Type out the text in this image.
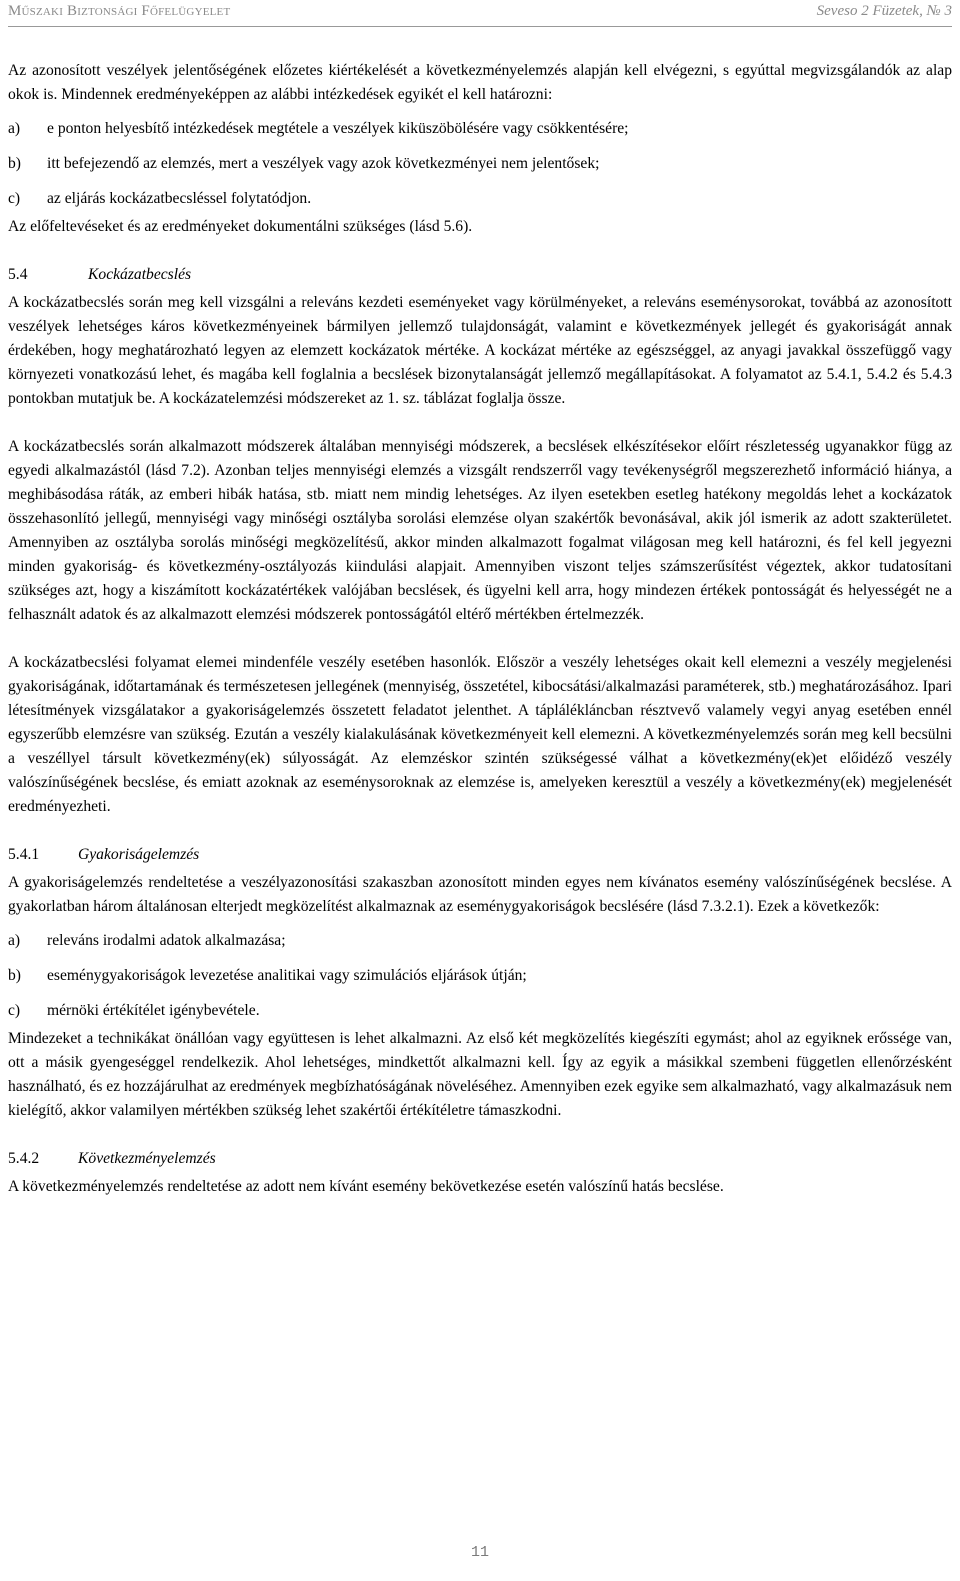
Műszaki Biztonsági Főfelügyelet	Seveso 2 Füzetek, № 3

Az azonosított veszélyek jelentőségének előzetes kiértékelését a következményelemzés alapján kell elvégezni, s egyúttal megvizsgálandók az alap okok is. Mindennek eredményeképpen az alábbi intézkedések egyikét el kell határozni:

a)	e ponton helyesbítő intézkedések megtétele a veszélyek kiküszöbölésére vagy csökkentésére;
b)	itt befejezendő az elemzés, mert a veszélyek vagy azok következményei nem jelentősek;
c)	az eljárás kockázatbecsléssel folytatódjon.

Az előfeltevéseket és az eredményeket dokumentálni szükséges (lásd 5.6).

5.4	Kockázatbecslés

A kockázatbecslés során meg kell vizsgálni a releváns kezdeti eseményeket vagy körülményeket, a releváns eseménysorokat, továbbá az azonosított veszélyek lehetséges káros következményeinek bármilyen jellemző tulajdonságát, valamint e következmények jellegét és gyakoriságát annak érdekében, hogy meghatározható legyen az elemzett kockázatok mértéke. A kockázat mértéke az egészséggel, az anyagi javakkal összefüggő vagy környezeti vonatkozású lehet, és magába kell foglalnia a becslések bizonytalanságát jellemző megállapításokat. A folyamatot az 5.4.1, 5.4.2 és 5.4.3 pontokban mutatjuk be. A kockázatelemzési módszereket az 1. sz. táblázat foglalja össze.

A kockázatbecslés során alkalmazott módszerek általában mennyiségi módszerek, a becslések elkészítésekor előírt részletesség ugyanakkor függ az egyedi alkalmazástól (lásd 7.2). Azonban teljes mennyiségi elemzés a vizsgált rendszerről vagy tevékenységről megszerezhető információ hiánya, a meghibásodása ráták, az emberi hibák hatása, stb. miatt nem mindig lehetséges. Az ilyen esetekben esetleg hatékony megoldás lehet a kockázatok összehasonlító jellegű, mennyiségi vagy minőségi osztályba sorolási elemzése olyan szakértők bevonásával, akik jól ismerik az adott szakterületet. Amennyiben az osztályba sorolás minőségi megközelítésű, akkor minden alkalmazott fogalmat világosan meg kell határozni, és fel kell jegyezni minden gyakoriság- és következmény-osztályozás kiindulási alapjait. Amennyiben viszont teljes számszerűsítést végeztek, akkor tudatosítani szükséges azt, hogy a kiszámított kockázatértékek valójában becslések, és ügyelni kell arra, hogy mindezen értékek pontosságát és helyességét ne a felhasznált adatok és az alkalmazott elemzési módszerek pontosságától eltérő mértékben értelmezzék.

A kockázatbecslési folyamat elemei mindenféle veszély esetében hasonlók. Először a veszély lehetséges okait kell elemezni a veszély megjelenési gyakoriságának, időtartamának és természetesen jellegének (mennyiség, összetétel, kibocsátási/alkalmazási paraméterek, stb.) meghatározásához. Ipari létesítmények vizsgálatakor a gyakoriságelemzés összetett feladatot jelenthet. A táplálékláncban résztvevő valamely vegyi anyag esetében ennél egyszerűbb elemzésre van szükség. Ezután a veszély kialakulásának következményeit kell elemezni. A következményelemzés során meg kell becsülni a veszéllyel társult következmény(ek) súlyosságát. Az elemzéskor szintén szükségessé válhat a következmény(ek)et előidéző veszély valószínűségének becslése, és emiatt azoknak az eseménysoroknak az elemzése is, amelyeken keresztül a veszély a következmény(ek) megjelenését eredményezheti.

5.4.1	Gyakoriságelemzés

A gyakoriságelemzés rendeltetése a veszélyazonosítási szakaszban azonosított minden egyes nem kívánatos esemény valószínűségének becslése. A gyakorlatban három általánosan elterjedt megközelítést alkalmaznak az eseménygyakoriságok becslésére (lásd 7.3.2.1). Ezek a következők:

a)	releváns irodalmi adatok alkalmazása;
b)	eseménygyakoriságok levezetése analitikai vagy szimulációs eljárások útján;
c)	mérnöki értékítélet igénybevétele.

Mindezeket a technikákat önállóan vagy együttesen is lehet alkalmazni. Az első két megközelítés kiegészíti egymást; ahol az egyiknek erőssége van, ott a másik gyengeséggel rendelkezik. Ahol lehetséges, mindkettőt alkalmazni kell. Így az egyik a másikkal szembeni független ellenőrzésként használható, és ez hozzájárulhat az eredmények megbízhatóságának növeléséhez. Amennyiben ezek egyike sem alkalmazható, vagy alkalmazásuk nem kielégítő, akkor valamilyen mértékben szükség lehet szakértői értékítéletre támaszkodni.

5.4.2	Következményelemzés

A következményelemzés rendeltetése az adott nem kívánt esemény bekövetkezése esetén valószínű hatás becslése.

11
